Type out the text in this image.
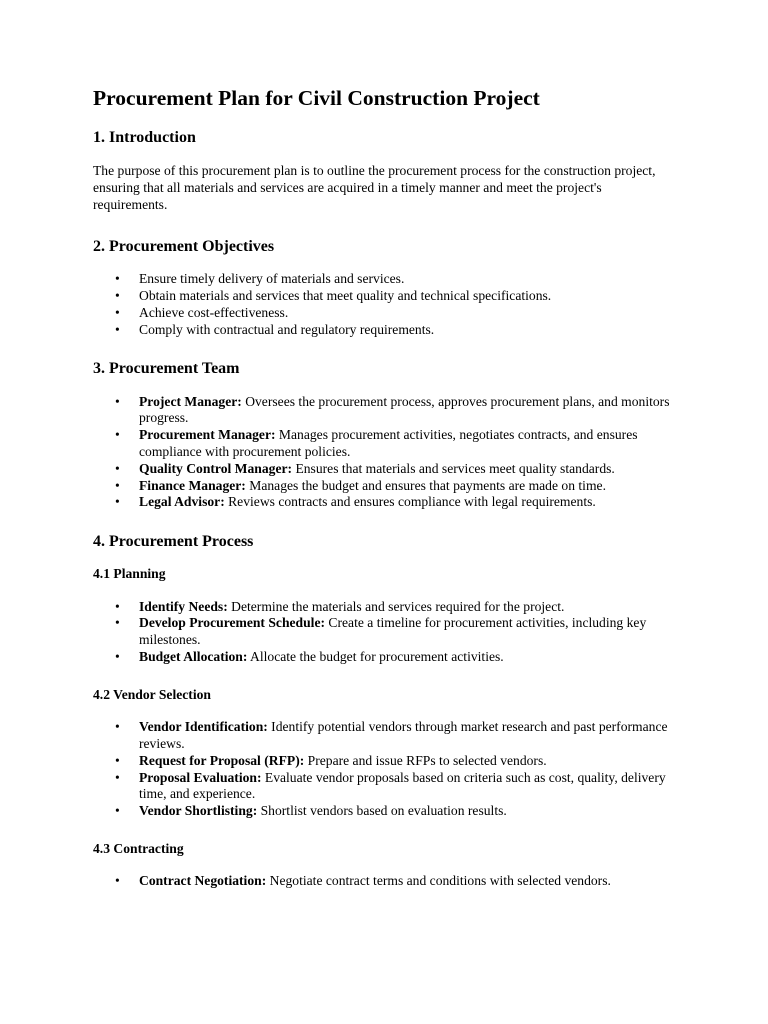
Procurement Plan for Civil Construction Project
1. Introduction

The purpose of this procurement plan is to outline the procurement process for the construction project, ensuring that all materials and services are acquired in a timely manner and meet the project's requirements.

2. Procurement Objectives
• Ensure timely delivery of materials and services.
• Obtain materials and services that meet quality and technical specifications.
• Achieve cost-effectiveness.
• Comply with contractual and regulatory requirements.
3. Procurement Team
• Project Manager: Oversees the procurement process, approves procurement plans, and monitors progress.
• Procurement Manager: Manages procurement activities, negotiates contracts, and ensures compliance with procurement policies.
• Quality Control Manager: Ensures that materials and services meet quality standards.
• Finance Manager: Manages the budget and ensures that payments are made on time.
• Legal Advisor: Reviews contracts and ensures compliance with legal requirements.
4. Procurement Process
4.1 Planning
• Identify Needs: Determine the materials and services required for the project.
• Develop Procurement Schedule: Create a timeline for procurement activities, including key milestones.
• Budget Allocation: Allocate the budget for procurement activities.
4.2 Vendor Selection
• Vendor Identification: Identify potential vendors through market research and past performance reviews.
• Request for Proposal (RFP): Prepare and issue RFPs to selected vendors.
• Proposal Evaluation: Evaluate vendor proposals based on criteria such as cost, quality, delivery time, and experience.
• Vendor Shortlisting: Shortlist vendors based on evaluation results.
4.3 Contracting
• Contract Negotiation: Negotiate contract terms and conditions with selected vendors.
